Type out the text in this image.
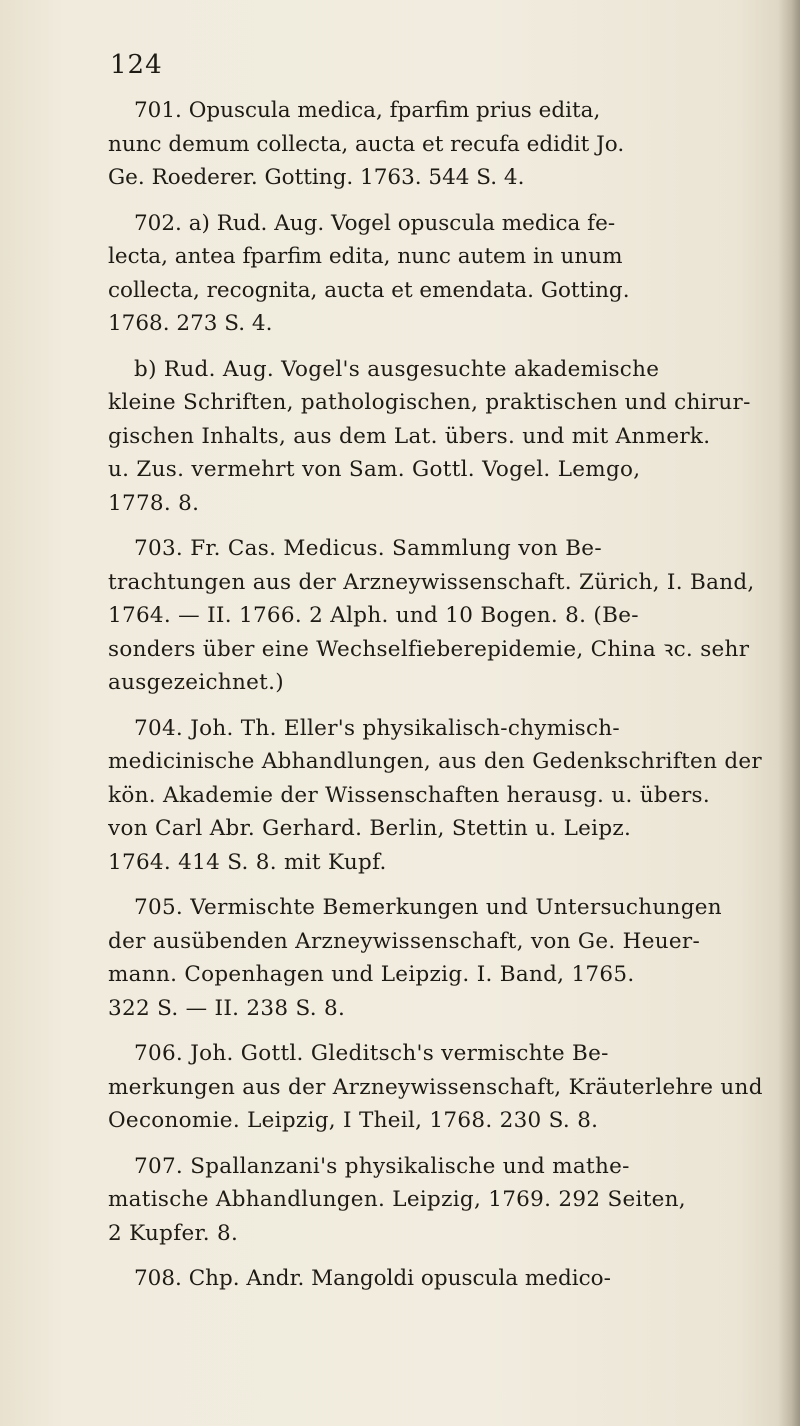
124
701. Opuscula medica, fparfim prius edita,
nunc demum collecta, aucta et recufa edidit Jo.
Ge. Roederer. Gotting. 1763. 544 S. 4.
702. a) Rud. Aug. Vogel opuscula medica fe-
lecta, antea fparfim edita, nunc autem in unum
collecta, recognita, aucta et emendata. Gotting.
1768. 273 S. 4.
b) Rud. Aug. Vogel's ausgesuchte akademische
kleine Schriften, pathologischen, praktischen und chirur-
gischen Inhalts, aus dem Lat. übers. und mit Anmerk.
u. Zus. vermehrt von Sam. Gottl. Vogel. Lemgo,
1778. 8.
703. Fr. Cas. Medicus. Sammlung von Be-
trachtungen aus der Arzneywissenschaft. Zürich, I. Band,
1764. — II. 1766. 2 Alph. und 10 Bogen. 8. (Be-
sonders über eine Wechselfieberepidemie, China ꝛc. sehr
ausgezeichnet.)
704. Joh. Th. Eller's physikalisch-chymisch-
medicinische Abhandlungen, aus den Gedenkschriften der
kön. Akademie der Wissenschaften herausg. u. übers.
von Carl Abr. Gerhard. Berlin, Stettin u. Leipz.
1764. 414 S. 8. mit Kupf.
705. Vermischte Bemerkungen und Untersuchungen
der ausübenden Arzneywissenschaft, von Ge. Heuer-
mann. Copenhagen und Leipzig. I. Band, 1765.
322 S. — II. 238 S. 8.
706. Joh. Gottl. Gleditsch's vermischte Be-
merkungen aus der Arzneywissenschaft, Kräuterlehre und
Oeconomie. Leipzig, I Theil, 1768. 230 S. 8.
707. Spallanzani's physikalische und mathe-
matische Abhandlungen. Leipzig, 1769. 292 Seiten,
2 Kupfer. 8.
708. Chp. Andr. Mangoldi opuscula medico-
